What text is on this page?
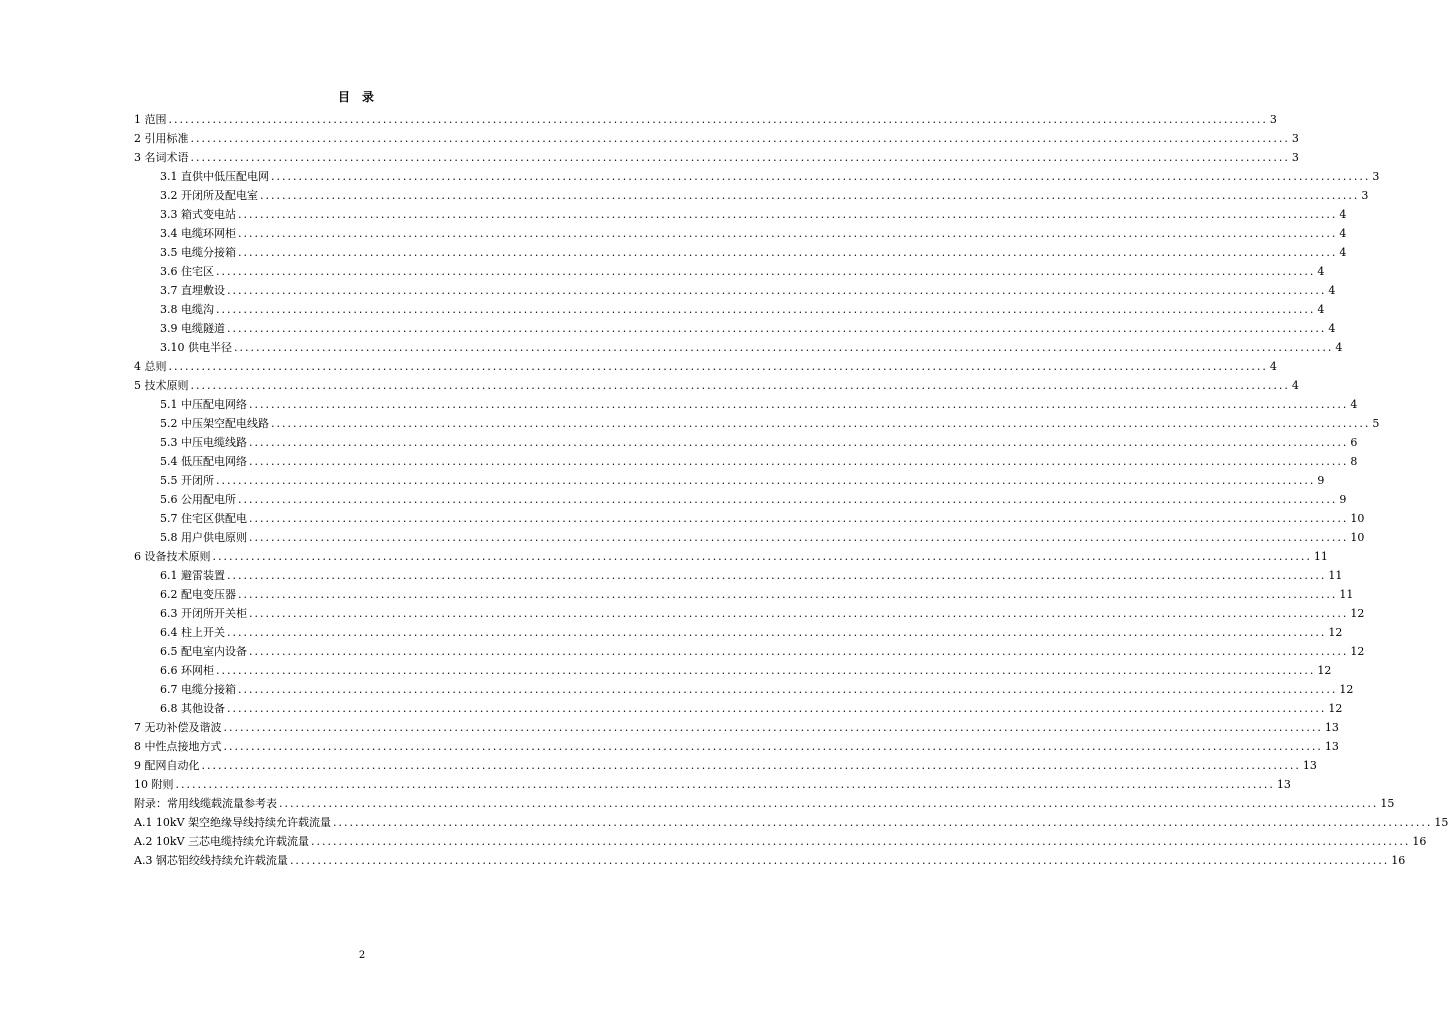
目录
1 范围 ........................................................................................................................................................................................................ 3
2 引用标准 ........................................................................................................................................................................................................ 3
3 名词术语 ........................................................................................................................................................................................................ 3
3.1 直供中低压配电网 ........................................................................................................................................................................................................ 3
3.2 开闭所及配电室 ........................................................................................................................................................................................................ 3
3.3 箱式变电站 ........................................................................................................................................................................................................ 4
3.4 电缆环网柜 ........................................................................................................................................................................................................ 4
3.5 电缆分接箱 ........................................................................................................................................................................................................ 4
3.6 住宅区 ........................................................................................................................................................................................................ 4
3.7 直埋敷设 ........................................................................................................................................................................................................ 4
3.8 电缆沟 ........................................................................................................................................................................................................ 4
3.9 电缆隧道 ........................................................................................................................................................................................................ 4
3.10 供电半径 ........................................................................................................................................................................................................ 4
4 总则 ........................................................................................................................................................................................................ 4
5 技术原则 ........................................................................................................................................................................................................ 4
5.1 中压配电网络 ........................................................................................................................................................................................................ 4
5.2 中压架空配电线路 ........................................................................................................................................................................................................ 5
5.3 中压电缆线路 ........................................................................................................................................................................................................ 6
5.4 低压配电网络 ........................................................................................................................................................................................................ 8
5.5 开闭所 ........................................................................................................................................................................................................ 9
5.6 公用配电所 ........................................................................................................................................................................................................ 9
5.7 住宅区供配电 ........................................................................................................................................................................................................ 10
5.8 用户供电原则 ........................................................................................................................................................................................................ 10
6 设备技术原则 ........................................................................................................................................................................................................ 11
6.1 避雷装置 ........................................................................................................................................................................................................ 11
6.2 配电变压器 ........................................................................................................................................................................................................ 11
6.3 开闭所开关柜 ........................................................................................................................................................................................................ 12
6.4 柱上开关 ........................................................................................................................................................................................................ 12
6.5 配电室内设备 ........................................................................................................................................................................................................ 12
6.6 环网柜 ........................................................................................................................................................................................................ 12
6.7 电缆分接箱 ........................................................................................................................................................................................................ 12
6.8 其他设备 ........................................................................................................................................................................................................ 12
7 无功补偿及谐波 ........................................................................................................................................................................................................ 13
8 中性点接地方式 ........................................................................................................................................................................................................ 13
9 配网自动化 ........................................................................................................................................................................................................ 13
10 附则 ........................................................................................................................................................................................................ 13
附录：常用线缆载流量参考表 ........................................................................................................................................................................................................ 15
A.1 10kV 架空绝缘导线持续允许载流量 ........................................................................................................................................................................................................ 15
A.2 10kV 三芯电缆持续允许载流量 ........................................................................................................................................................................................................ 16
A.3 钢芯铝绞线持续允许载流量 ........................................................................................................................................................................................................ 16
2
